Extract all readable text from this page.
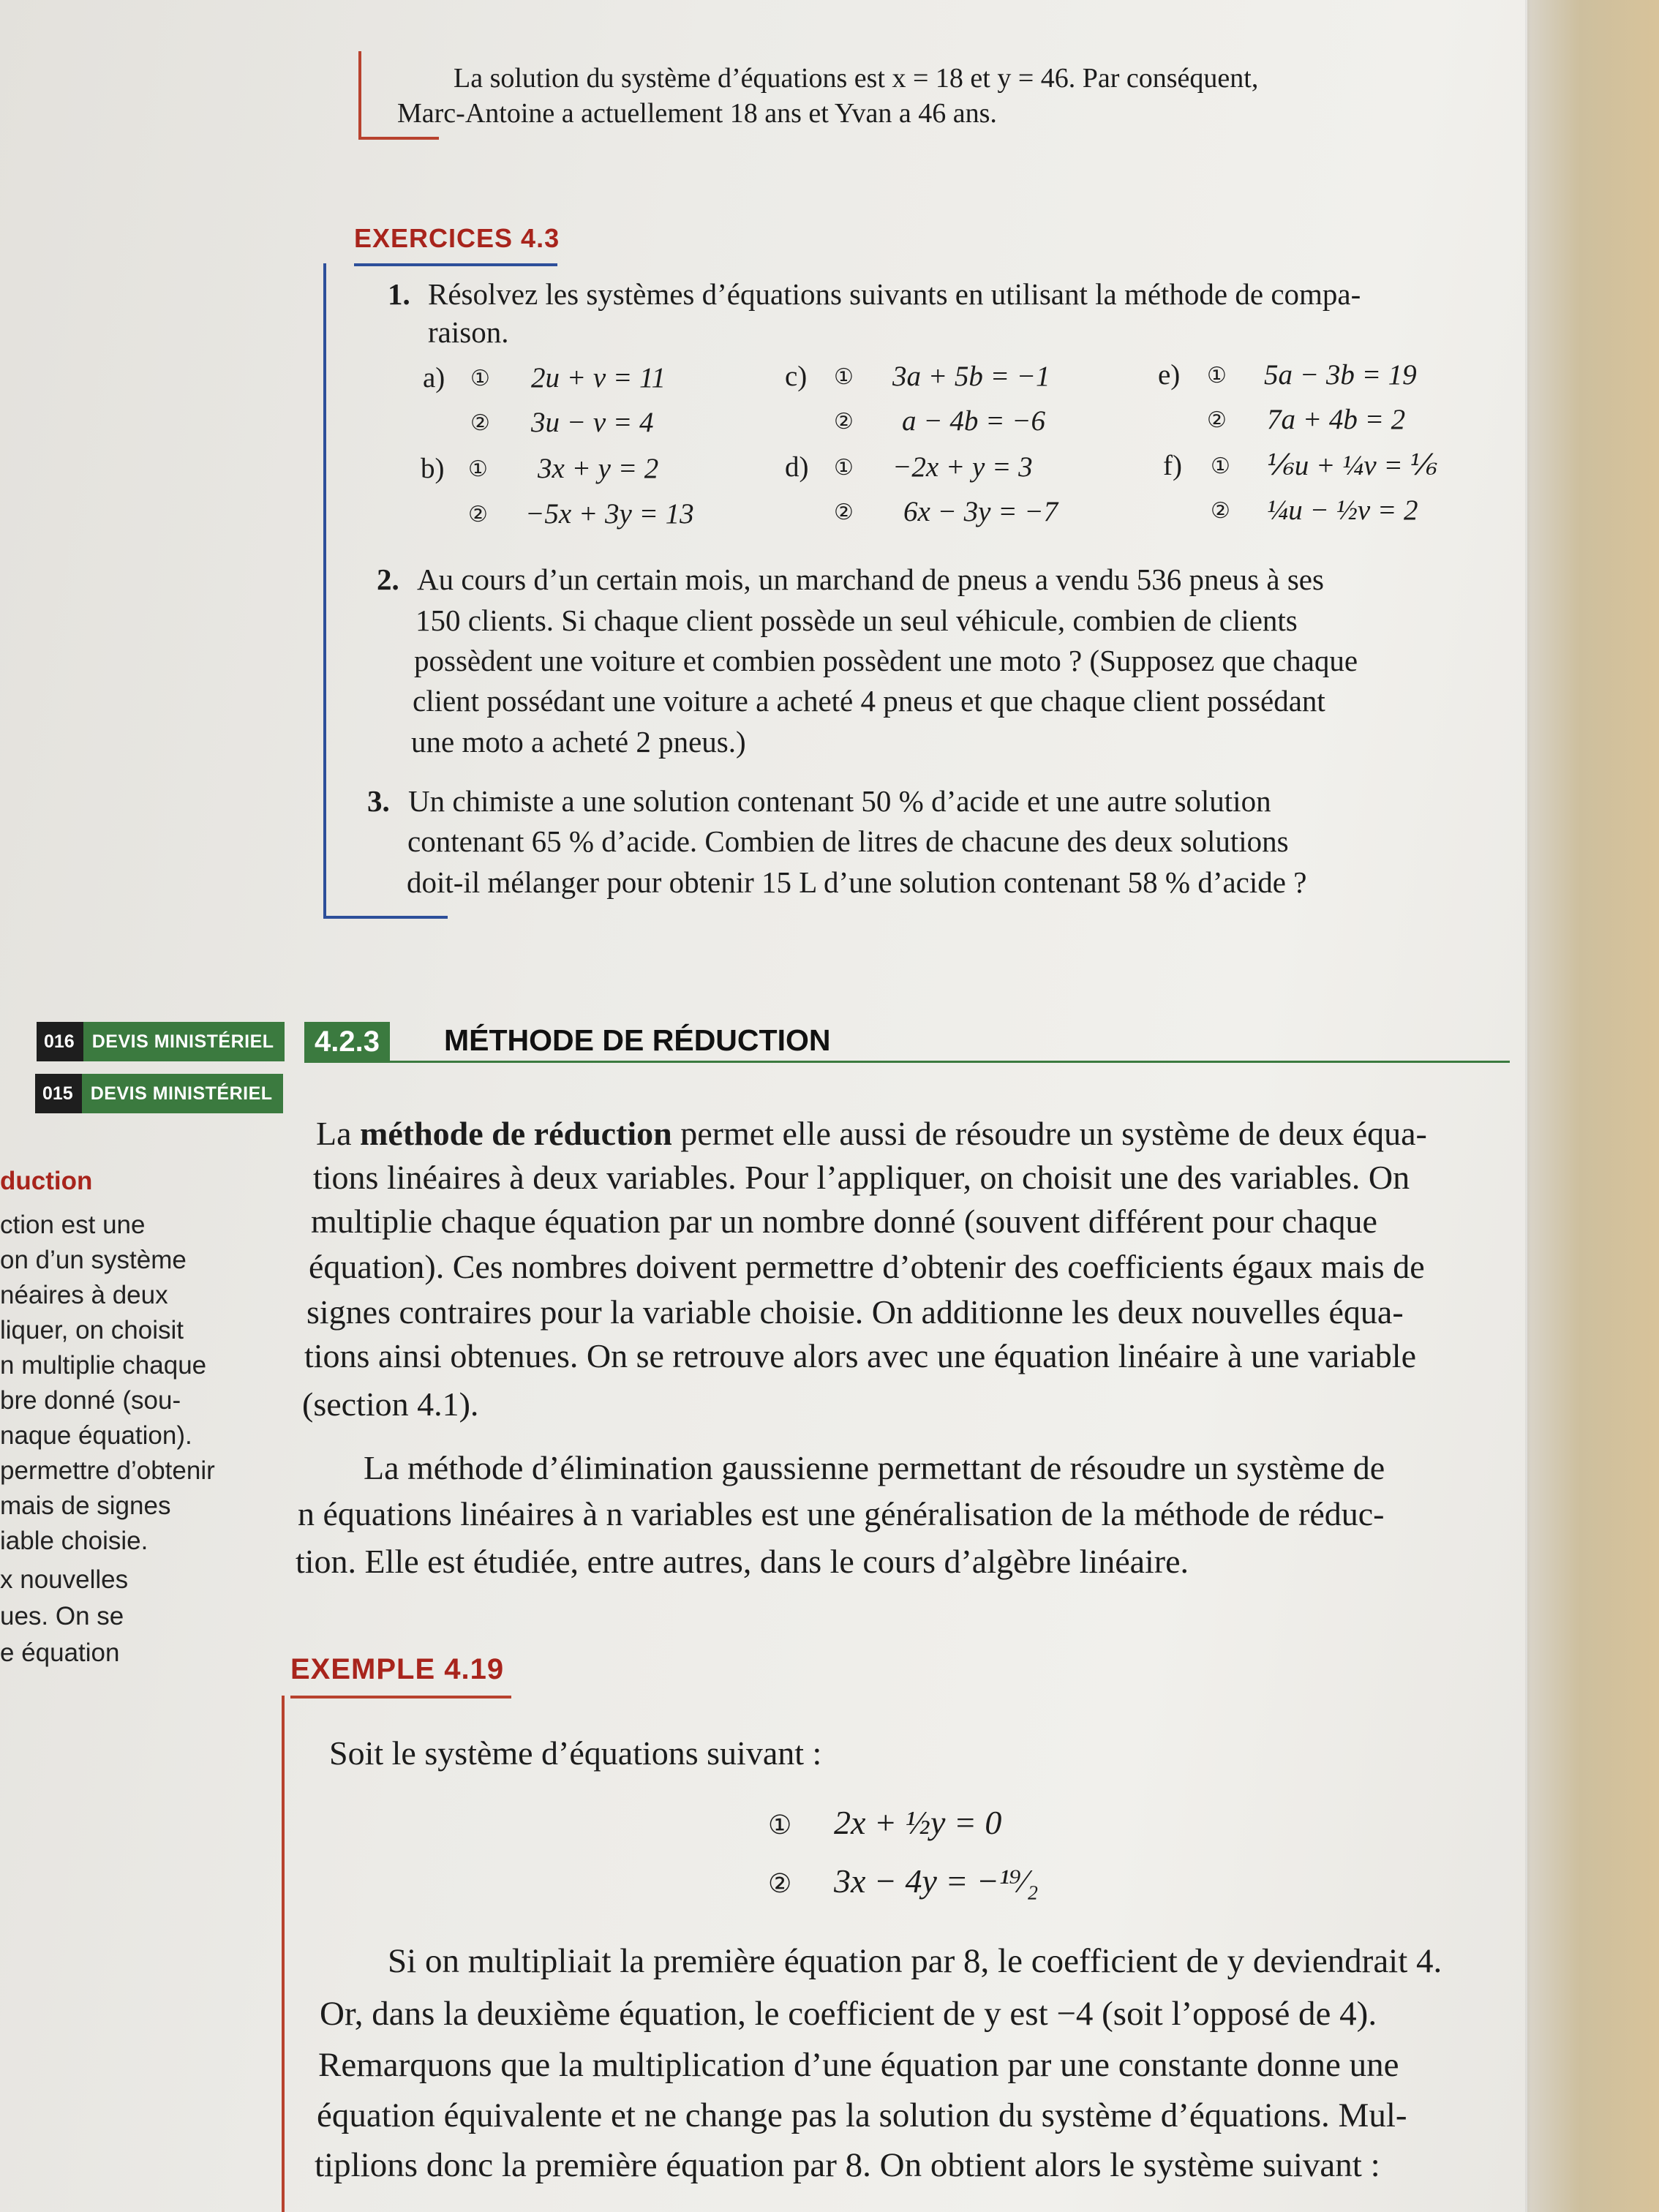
La solution du système d’équations est x = 18 et y = 46. Par conséquent,
Marc-Antoine a actuellement 18 ans et Yvan a 46 ans.
EXERCICES 4.3
1. Résolvez les systèmes d’équations suivants en utilisant la méthode de compa-
raison.
a) ① 2u + v = 11
② 3u − v = 4
b) ① 3x + y = 2
② −5x + 3y = 13
c) ① 3a + 5b = −1
② a − 4b = −6
d) ① −2x + y = 3
② 6x − 3y = −7
e) ① 5a − 3b = 19
② 7a + 4b = 2
f) ① ⅙u + ¼v = ⅙
② ¼u − ½v = 2
2. Au cours d’un certain mois, un marchand de pneus a vendu 536 pneus à ses
150 clients. Si chaque client possède un seul véhicule, combien de clients
possèdent une voiture et combien possèdent une moto ? (Supposez que chaque
client possédant une voiture a acheté 4 pneus et que chaque client possédant
une moto a acheté 2 pneus.)
3. Un chimiste a une solution contenant 50 % d’acide et une autre solution
contenant 65 % d’acide. Combien de litres de chacune des deux solutions
doit-il mélanger pour obtenir 15 L d’une solution contenant 58 % d’acide ?
016 DEVIS MINISTÉRIEL
015 DEVIS MINISTÉRIEL
4.2.3	MÉTHODE DE RÉDUCTION
duction
ction est une
on d’un système
néaires à deux
liquer, on choisit
n multiplie chaque
bre donné (sou-
naque équation).
permettre d’obtenir
mais de signes
iable choisie.
x nouvelles
ues. On se
e équation
La méthode de réduction permet elle aussi de résoudre un système de deux équa-
tions linéaires à deux variables. Pour l’appliquer, on choisit une des variables. On
multiplie chaque équation par un nombre donné (souvent différent pour chaque
équation). Ces nombres doivent permettre d’obtenir des coefficients égaux mais de
signes contraires pour la variable choisie. On additionne les deux nouvelles équa-
tions ainsi obtenues. On se retrouve alors avec une équation linéaire à une variable
(section 4.1).
La méthode d’élimination gaussienne permettant de résoudre un système de
n équations linéaires à n variables est une généralisation de la méthode de réduc-
tion. Elle est étudiée, entre autres, dans le cours d’algèbre linéaire.
EXEMPLE 4.19
Soit le système d’équations suivant :
① 2x + ½y = 0
② 3x − 4y = −¹⁹⁄₂
Si on multipliait la première équation par 8, le coefficient de y deviendrait 4.
Or, dans la deuxième équation, le coefficient de y est −4 (soit l’opposé de 4).
Remarquons que la multiplication d’une équation par une constante donne une
équation équivalente et ne change pas la solution du système d’équations. Mul-
tiplions donc la première équation par 8. On obtient alors le système suivant :
